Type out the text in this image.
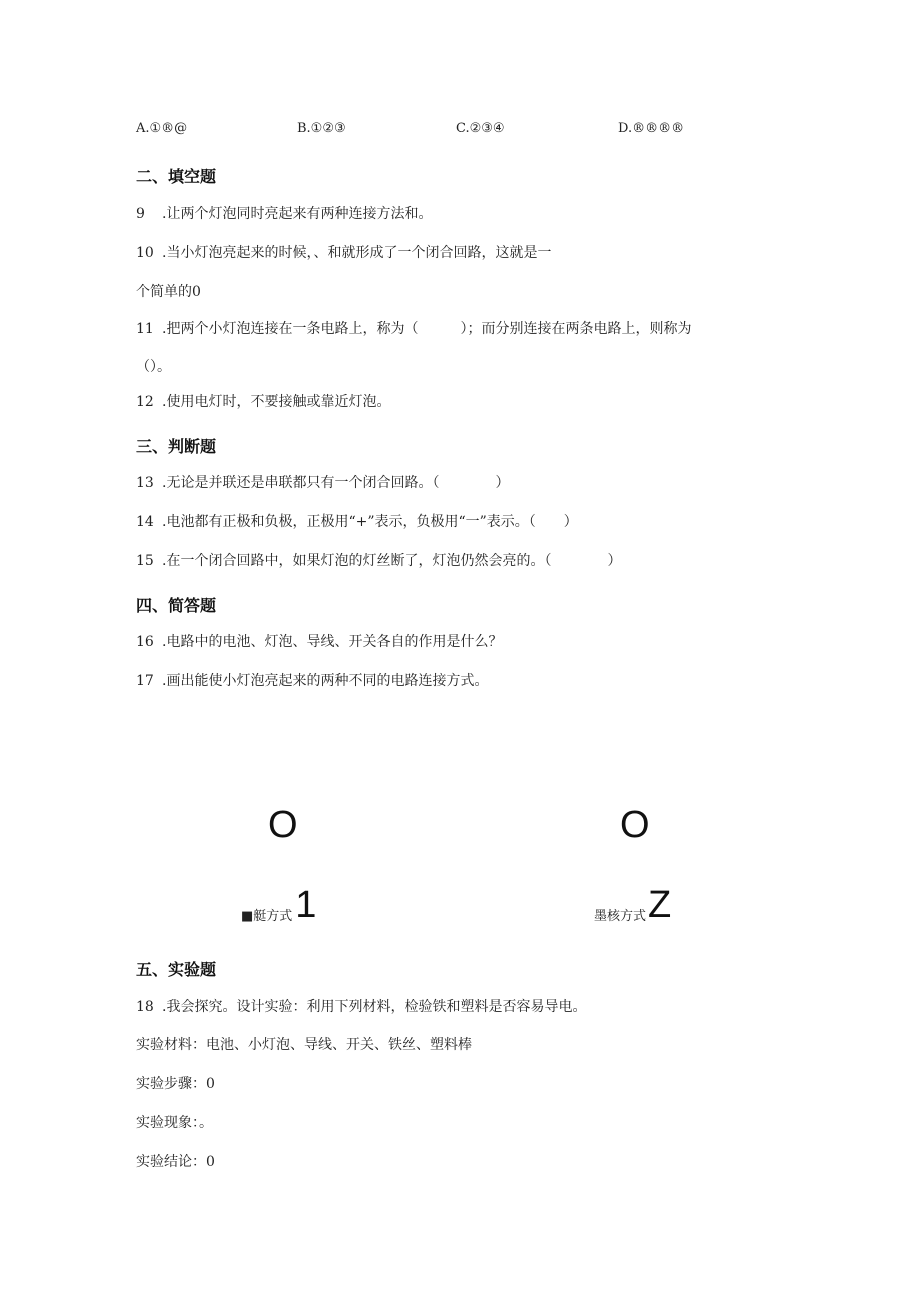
A.①®@	B.①②③	C.②③④	D.®®®®
二、填空题
9 .让两个灯泡同时亮起来有两种连接方法和。
10 .当小灯泡亮起来的时候，、和就形成了一个闭合回路，这就是一
个简单的0
11 .把两个小灯泡连接在一条电路上，称为（　　　）；而分别连接在两条电路上，则称为
（）。
12 .使用电灯时，不要接触或靠近灯泡。
三、判断题
13 .无论是并联还是串联都只有一个闭合回路。（　　　　）
14 .电池都有正极和负极，正极用“+”表示，负极用“一”表示。（　　）
15 .在一个闭合回路中，如果灯泡的灯丝断了，灯泡仍然会亮的。（　　　　）
四、简答题
16 .电路中的电池、灯泡、导线、开关各自的作用是什么？
17 .画出能使小灯泡亮起来的两种不同的电路连接方式。
O	O
■艇方式 1	墨核方式 Z
五、实验题
18 .我会探究。设计实验：利用下列材料，检验铁和塑料是否容易导电。
实验材料：电池、小灯泡、导线、开关、铁丝、塑料棒
实验步骤：0
实验现象：。
实验结论：0
